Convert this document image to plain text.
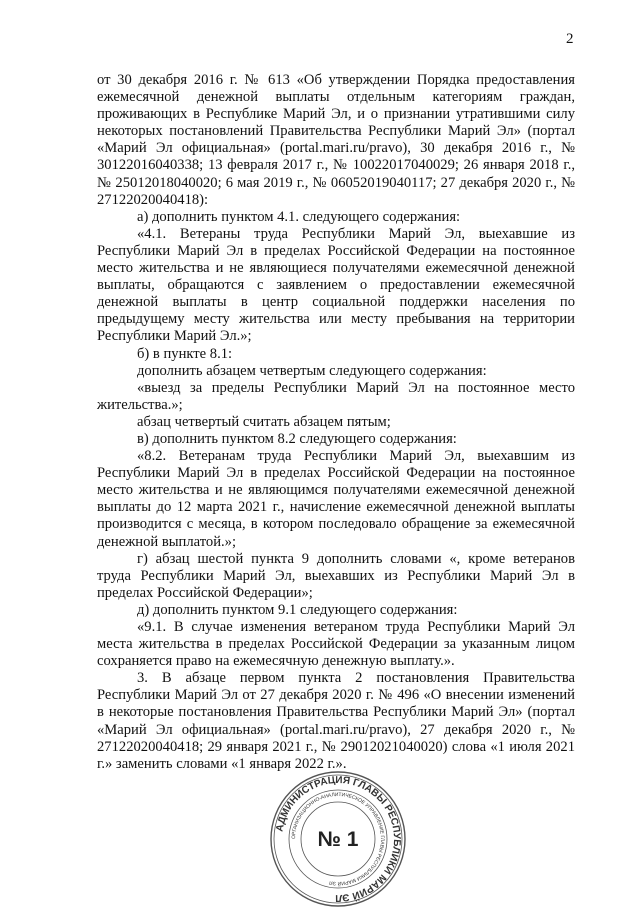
2

от 30 декабря 2016 г. № 613 «Об утверждении Порядка предоставления ежемесячной денежной выплаты отдельным категориям граждан, проживающих в Республике Марий Эл, и о признании утратившими силу некоторых постановлений Правительства Республики Марий Эл» (портал «Марий Эл официальная» (portal.mari.ru/pravo), 30 декабря 2016 г., № 30122016040338; 13 февраля 2017 г., № 10022017040029; 26 января 2018 г., № 25012018040020; 6 мая 2019 г., № 06052019040117; 27 декабря 2020 г., № 27122020040418):

а) дополнить пунктом 4.1. следующего содержания:

«4.1. Ветераны труда Республики Марий Эл, выехавшие из Республики Марий Эл в пределах Российской Федерации на постоянное место жительства и не являющиеся получателями ежемесячной денежной выплаты, обращаются с заявлением о предоставлении ежемесячной денежной выплаты в центр социальной поддержки населения по предыдущему месту жительства или месту пребывания на территории Республики Марий Эл.»;

б) в пункте 8.1:

дополнить абзацем четвертым следующего содержания:

«выезд за пределы Республики Марий Эл на постоянное место жительства.»;

абзац четвертый считать абзацем пятым;

в) дополнить пунктом 8.2 следующего содержания:

«8.2. Ветеранам труда Республики Марий Эл, выехавшим из Республики Марий Эл в пределах Российской Федерации на постоянное место жительства и не являющимся получателями ежемесячной денежной выплаты до 12 марта 2021 г., начисление ежемесячной денежной выплаты производится с месяца, в котором последовало обращение за ежемесячной денежной выплатой.»;

г) абзац шестой пункта 9 дополнить словами «, кроме ветеранов труда Республики Марий Эл, выехавших из Республики Марий Эл в пределах Российской Федерации»;

д) дополнить пунктом 9.1 следующего содержания:

«9.1. В случае изменения ветераном труда Республики Марий Эл места жительства в пределах Российской Федерации за указанным лицом сохраняется право на ежемесячную денежную выплату.».

3. В абзаце первом пункта 2 постановления Правительства Республики Марий Эл от 27 декабря 2020 г. № 496 «О внесении изменений в некоторые постановления Правительства Республики Марий Эл» (портал «Марий Эл официальная» (portal.mari.ru/pravo), 27 декабря 2020 г., № 27122020040418; 29 января 2021 г., № 29012021040020) слова «1 июля 2021 г.» заменить словами «1 января 2022 г.».

АДМИНИСТРАЦИЯ ГЛАВЫ РЕСПУБЛИКИ МАРИЙ ЭЛ
ОРГАНИЗАЦИОННО-АНАЛИТИЧЕСКОЕ УПРАВЛЕНИЕ ГЛАВЫ РЕСПУБЛИКИ МАРИЙ ЭЛ
№ 1
